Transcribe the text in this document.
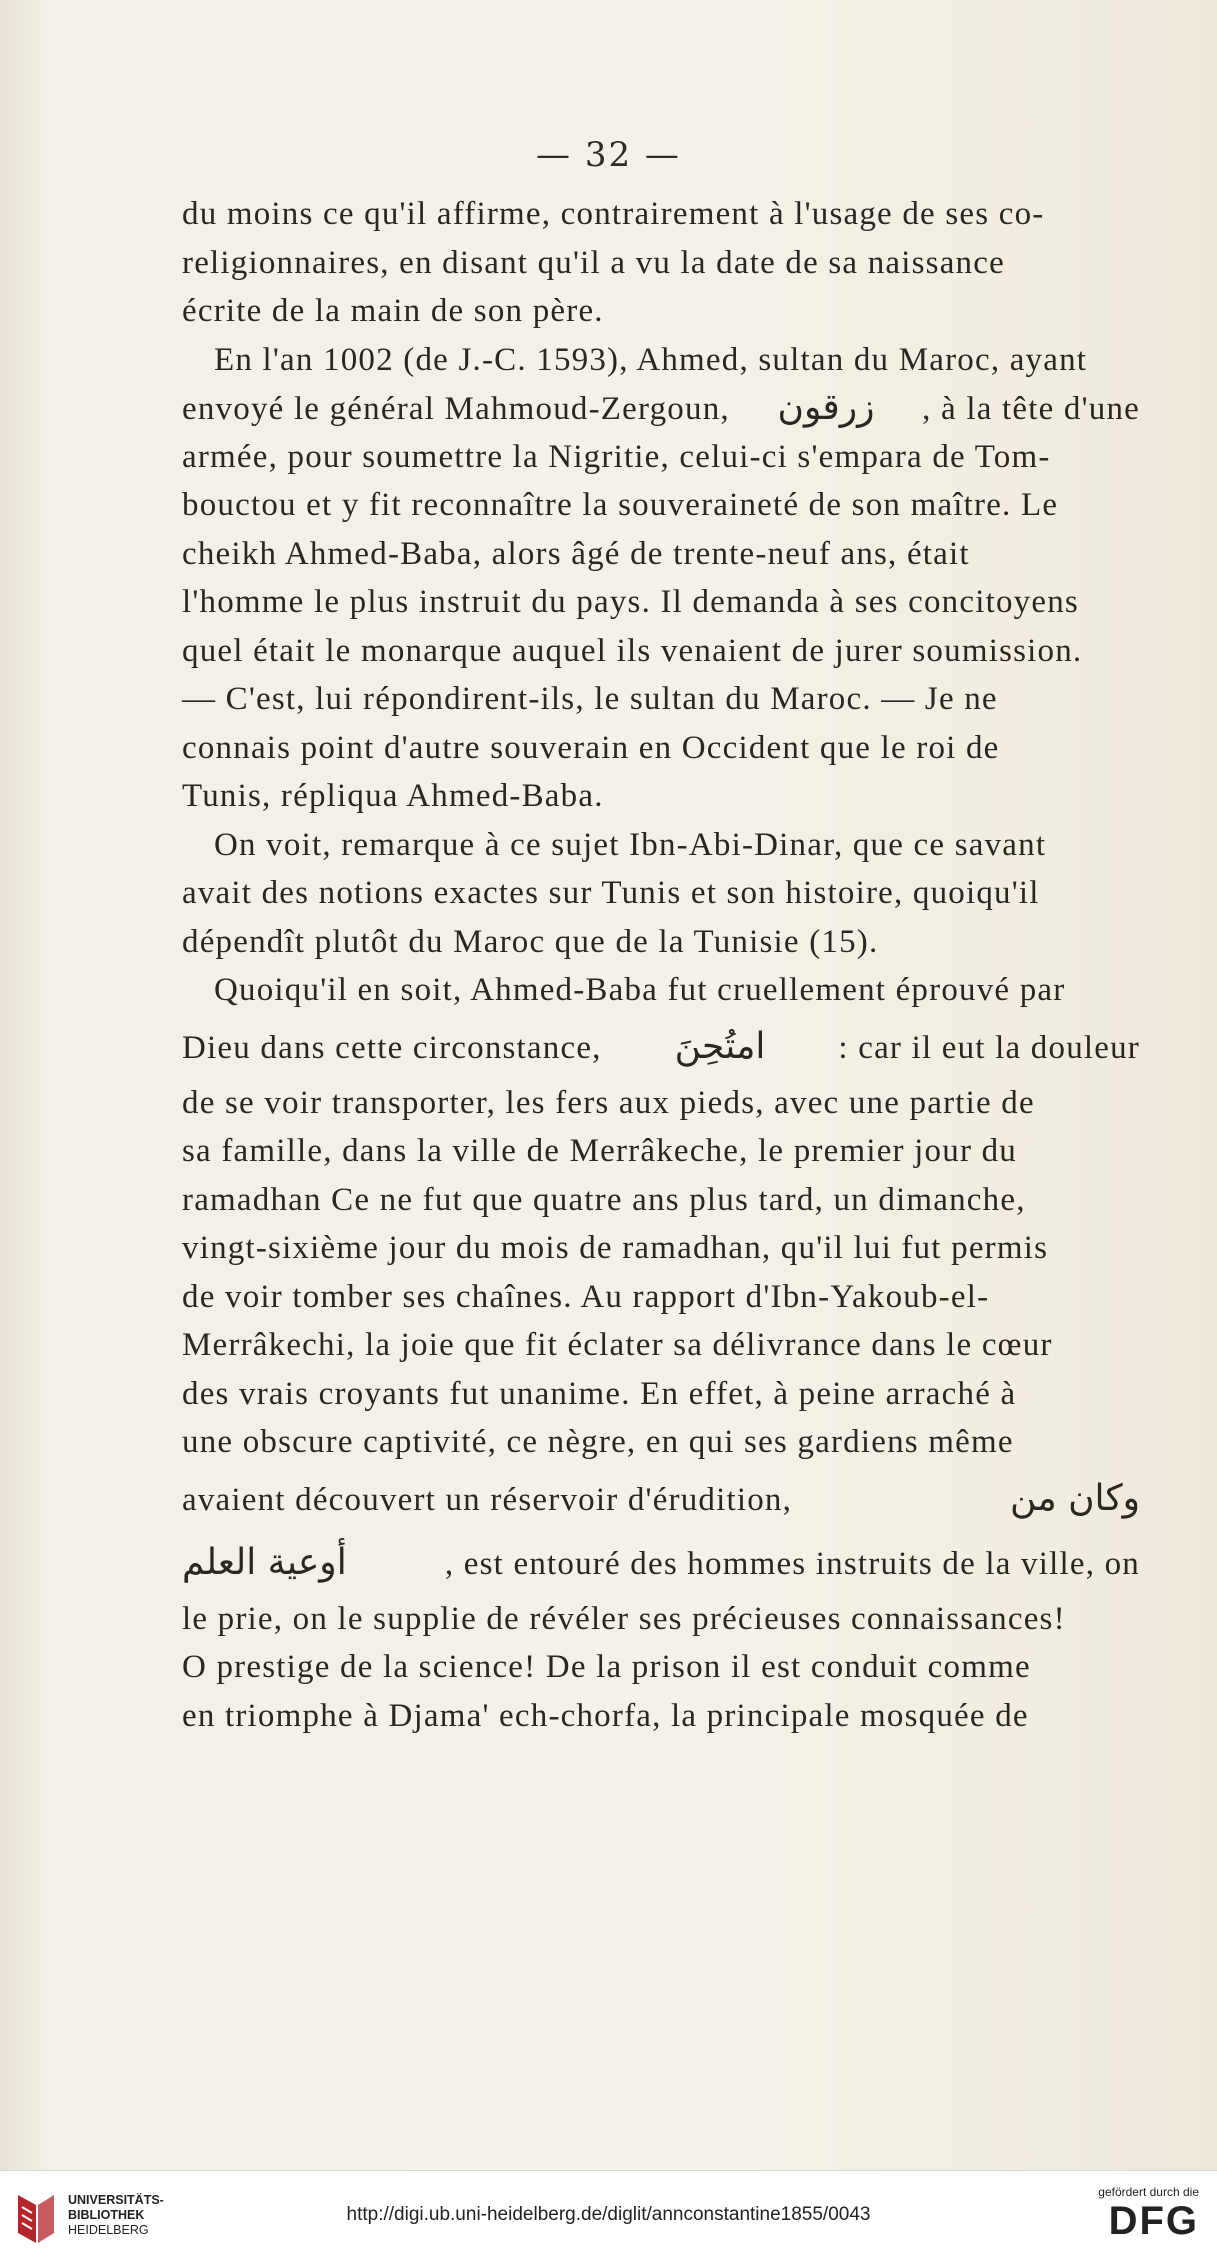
— 32 —
du moins ce qu'il affirme, contrairement à l'usage de ses co-
religionnaires, en disant qu'il a vu la date de sa naissance
écrite de la main de son père.
En l'an 1002 (de J.-C. 1593), Ahmed, sultan du Maroc, ayant
envoyé le général Mahmoud-Zergoun, زرقون , à la tête d'une
armée, pour soumettre la Nigritie, celui-ci s'empara de Tom-
bouctou et y fit reconnaître la souveraineté de son maître. Le
cheikh Ahmed-Baba, alors âgé de trente-neuf ans, était
l'homme le plus instruit du pays. Il demanda à ses concitoyens
quel était le monarque auquel ils venaient de jurer soumission.
— C'est, lui répondirent-ils, le sultan du Maroc. — Je ne
connais point d'autre souverain en Occident que le roi de
Tunis, répliqua Ahmed-Baba.
On voit, remarque à ce sujet Ibn-Abi-Dinar, que ce savant
avait des notions exactes sur Tunis et son histoire, quoiqu'il
dépendît plutôt du Maroc que de la Tunisie (15).
Quoiqu'il en soit, Ahmed-Baba fut cruellement éprouvé par
Dieu dans cette circonstance, امتُحِنَ : car il eut la douleur
de se voir transporter, les fers aux pieds, avec une partie de
sa famille, dans la ville de Merrâkeche, le premier jour du
ramadhan Ce ne fut que quatre ans plus tard, un dimanche,
vingt-sixième jour du mois de ramadhan, qu'il lui fut permis
de voir tomber ses chaînes. Au rapport d'Ibn-Yakoub-el-
Merrâkechi, la joie que fit éclater sa délivrance dans le cœur
des vrais croyants fut unanime. En effet, à peine arraché à
une obscure captivité, ce nègre, en qui ses gardiens même
avaient découvert un réservoir d'érudition,	وكان من
أوعية العلم	, est entouré des hommes instruits de la ville, on
le prie, on le supplie de révéler ses précieuses connaissances!
O prestige de la science! De la prison il est conduit comme
en triomphe à Djama' ech-chorfa, la principale mosquée de
UNIVERSITÄTS-
BIBLIOTHEK
HEIDELBERG
http://digi.ub.uni-heidelberg.de/diglit/annconstantine1855/0043
gefördert durch die
DFG
